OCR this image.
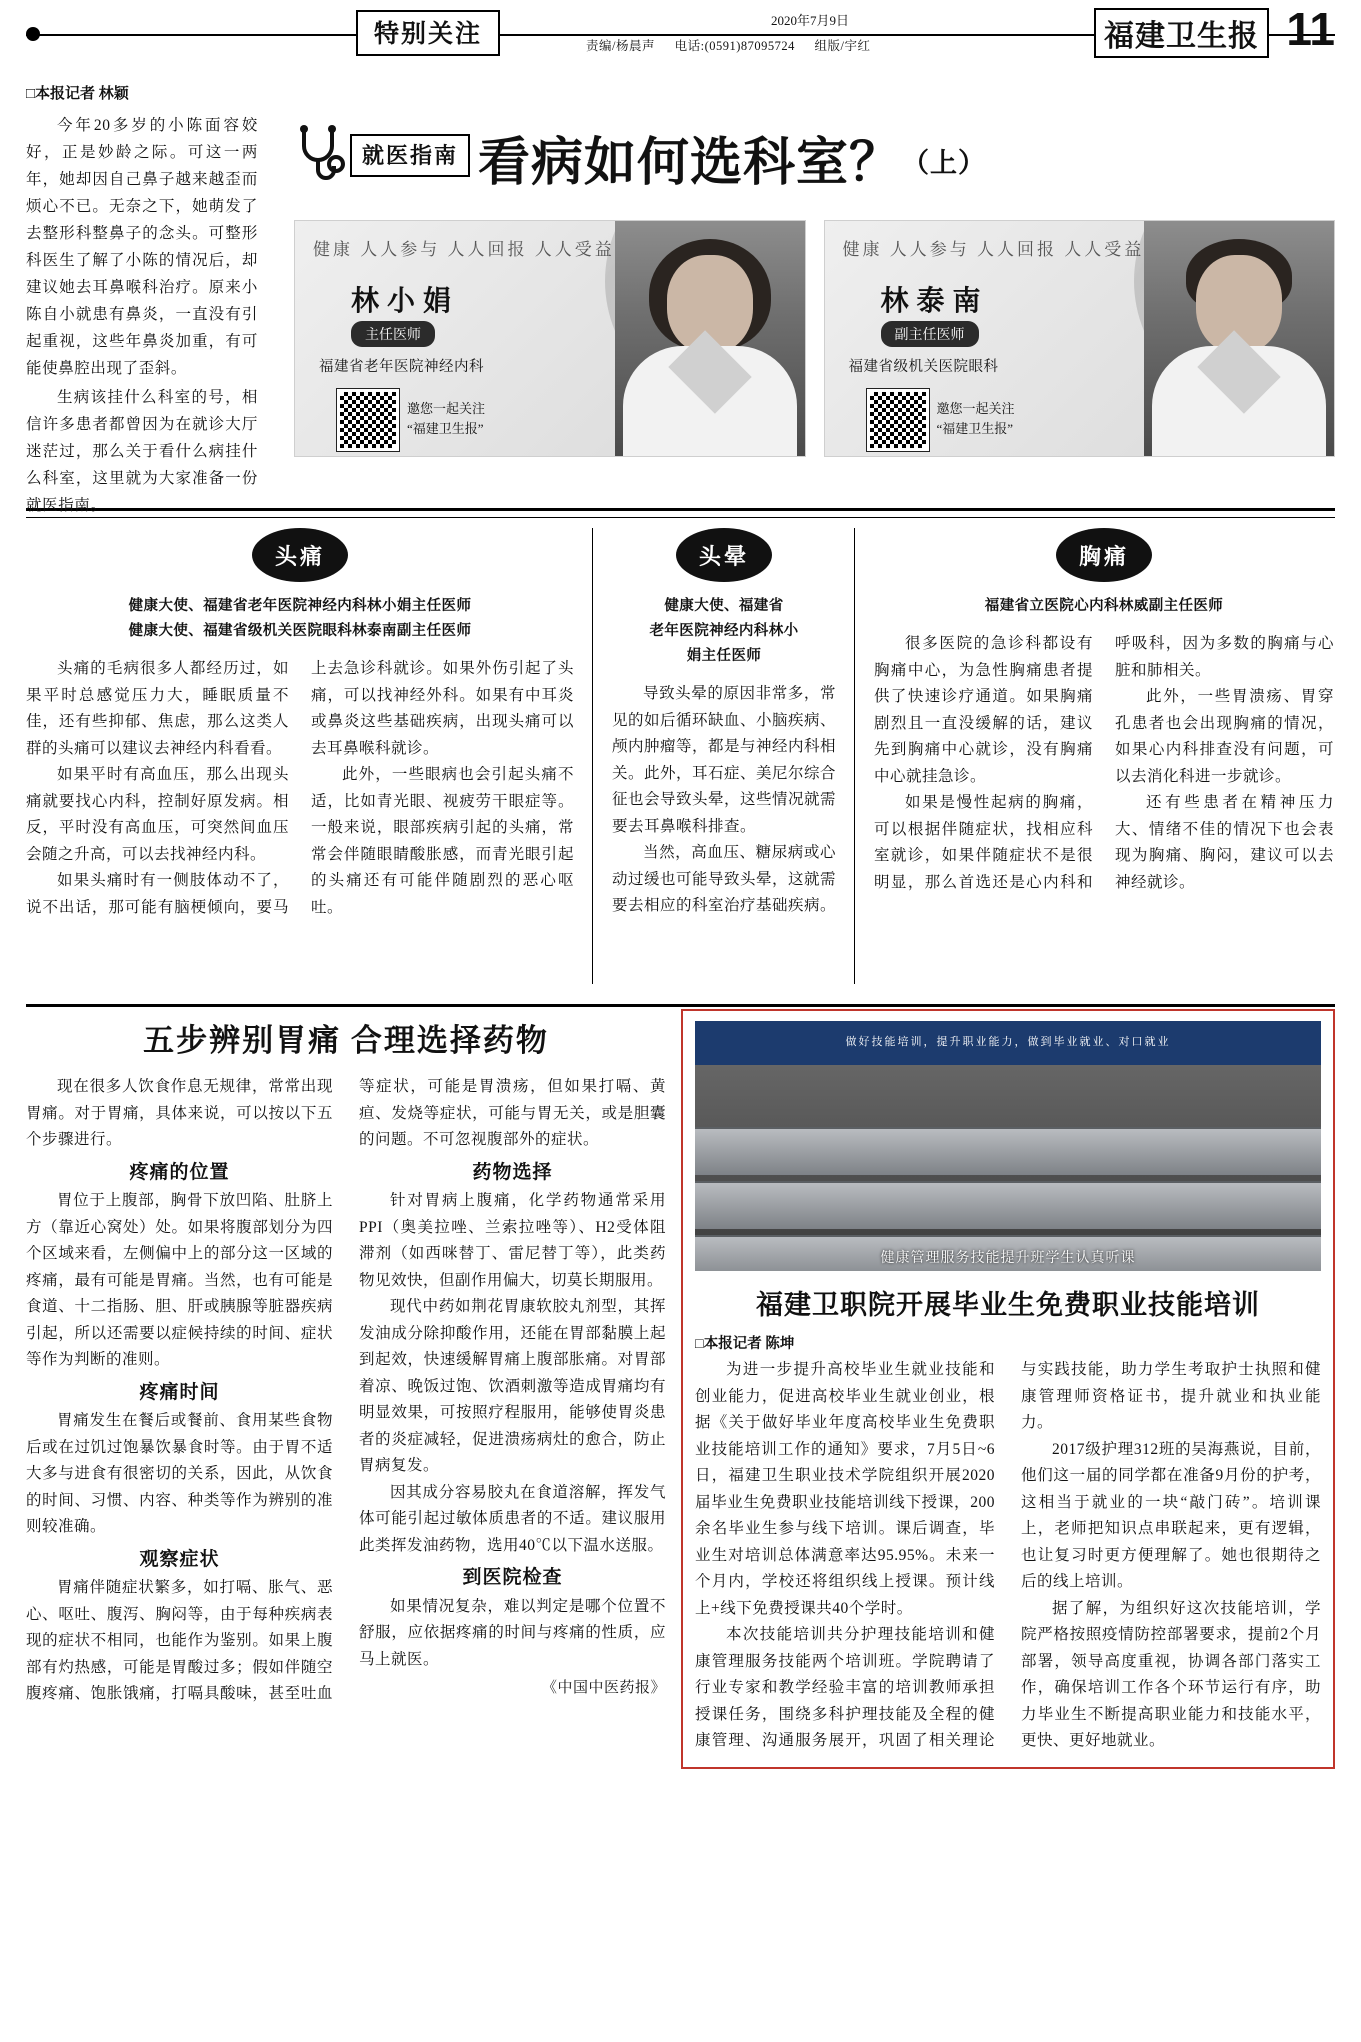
特别关注	责编/杨晨声 电话:(0591)87095724 组版/宇红
2020年7月9日	福建卫生报 11
□本报记者 林颖

今年20多岁的小陈面容姣好，正是妙龄之际。可这一两年，她却因自己鼻子越来越歪而烦心不已。无奈之下，她萌发了去整形科整鼻子的念头。可整形科医生了解了小陈的情况后，却建议她去耳鼻喉科治疗。原来小陈自小就患有鼻炎，一直没有引起重视，这些年鼻炎加重，有可能使鼻腔出现了歪斜。

生病该挂什么科室的号，相信许多患者都曾因为在就诊大厅迷茫过，那么关于看什么病挂什么科室，这里就为大家准备一份就医指南。

就医指南 看病如何选科室？$^{(上)}$
健康 人人参与 人人回报 人人受益
林小娟
主任医师
福建省老年医院神经内科
邀您一起关注
“福建卫生报”
健康 人人参与 人人回报 人人受益
林泰南
副主任医师
福建省级机关医院眼科
邀您一起关注
“福建卫生报”
头痛
健康大使、福建省老年医院神经内科林小娟主任医师
健康大使、福建省级机关医院眼科林泰南副主任医师

头痛的毛病很多人都经历过，如果平时总感觉压力大，睡眠质量不佳，还有些抑郁、焦虑，那么这类人群的头痛可以建议去神经内科看看。

如果平时有高血压，那么出现头痛就要找心内科，控制好原发病。相反，平时没有高血压，可突然间血压会随之升高，可以去找神经内科。

如果头痛时有一侧肢体动不了，说不出话，那可能有脑梗倾向，要马上去急诊科就诊。如果外伤引起了头痛，可以找神经外科。如果有中耳炎或鼻炎这些基础疾病，出现头痛可以去耳鼻喉科就诊。

此外，一些眼病也会引起头痛不适，比如青光眼、视疲劳干眼症等。一般来说，眼部疾病引起的头痛，常常会伴随眼睛酸胀感，而青光眼引起的头痛还有可能伴随剧烈的恶心呕吐。

头晕
健康大使、福建省
老年医院神经内科林小
娟主任医师

导致头晕的原因非常多，常见的如后循环缺血、小脑疾病、颅内肿瘤等，都是与神经内科相关。此外，耳石症、美尼尔综合征也会导致头晕，这些情况就需要去耳鼻喉科排查。

当然，高血压、糖尿病或心动过缓也可能导致头晕，这就需要去相应的科室治疗基础疾病。

胸痛
福建省立医院心内科林威副主任医师

很多医院的急诊科都设有胸痛中心，为急性胸痛患者提供了快速诊疗通道。如果胸痛剧烈且一直没缓解的话，建议先到胸痛中心就诊，没有胸痛中心就挂急诊。

如果是慢性起病的胸痛，可以根据伴随症状，找相应科室就诊，如果伴随症状不是很明显，那么首选还是心内科和呼吸科，因为多数的胸痛与心脏和肺相关。

此外，一些胃溃疡、胃穿孔患者也会出现胸痛的情况，如果心内科排查没有问题，可以去消化科进一步就诊。

还有些患者在精神压力大、情绪不佳的情况下也会表现为胸痛、胸闷，建议可以去神经就诊。

五步辨别胃痛 合理选择药物

现在很多人饮食作息无规律，常常出现胃痛。对于胃痛，具体来说，可以按以下五个步骤进行。

疼痛的位置

胃位于上腹部，胸骨下放凹陷、肚脐上方（靠近心窝处）处。如果将腹部划分为四个区域来看，左侧偏中上的部分这一区域的疼痛，最有可能是胃痛。当然，也有可能是食道、十二指肠、胆、肝或胰腺等脏器疾病引起，所以还需要以症候持续的时间、症状等作为判断的准则。

疼痛时间

胃痛发生在餐后或餐前、食用某些食物后或在过饥过饱暴饮暴食时等。由于胃不适大多与进食有很密切的关系，因此，从饮食的时间、习惯、内容、种类等作为辨别的准则较准确。

观察症状

胃痛伴随症状繁多，如打嗝、胀气、恶心、呕吐、腹泻、胸闷等，由于每种疾病表现的症状不相同，也能作为鉴别。如果上腹部有灼热感，可能是胃酸过多；假如伴随空腹疼痛、饱胀饿痛，打嗝具酸味，甚至吐血等症状，可能是胃溃疡，但如果打嗝、黄疸、发烧等症状，可能与胃无关，或是胆囊的问题。不可忽视腹部外的症状。

药物选择

针对胃病上腹痛，化学药物通常采用PPI（奥美拉唑、兰索拉唑等）、H2受体阻滞剂（如西咪替丁、雷尼替丁等），此类药物见效快，但副作用偏大，切莫长期服用。

现代中药如荆花胃康软胶丸剂型，其挥发油成分除抑酸作用，还能在胃部黏膜上起到起效，快速缓解胃痛上腹部胀痛。对胃部着凉、晚饭过饱、饮酒刺激等造成胃痛均有明显效果，可按照疗程服用，能够使胃炎患者的炎症减轻，促进溃疡病灶的愈合，防止胃病复发。

因其成分容易胶丸在食道溶解，挥发气体可能引起过敏体质患者的不适。建议服用此类挥发油药物，选用40℃以下温水送服。

到医院检查

如果情况复杂，难以判定是哪个位置不舒服，应依据疼痛的时间与疼痛的性质，应马上就医。

《中国中医药报》
做好技能培训，提升职业能力，做到毕业就业、对口就业
健康管理服务技能提升班学生认真听课
福建卫职院开展毕业生免费职业技能培训
□本报记者 陈坤

为进一步提升高校毕业生就业技能和创业能力，促进高校毕业生就业创业，根据《关于做好毕业年度高校毕业生免费职业技能培训工作的通知》要求，7月5日~6日，福建卫生职业技术学院组织开展2020届毕业生免费职业技能培训线下授课，200余名毕业生参与线下培训。课后调查，毕业生对培训总体满意率达95.95%。未来一个月内，学校还将组织线上授课。预计线上+线下免费授课共40个学时。

本次技能培训共分护理技能培训和健康管理服务技能两个培训班。学院聘请了行业专家和教学经验丰富的培训教师承担授课任务，围绕多科护理技能及全程的健康管理、沟通服务展开，巩固了相关理论与实践技能，助力学生考取护士执照和健康管理师资格证书，提升就业和执业能力。

2017级护理312班的吴海燕说，目前，他们这一届的同学都在准备9月份的护考，这相当于就业的一块“敲门砖”。培训课上，老师把知识点串联起来，更有逻辑，也让复习时更方便理解了。她也很期待之后的线上培训。

据了解，为组织好这次技能培训，学院严格按照疫情防控部署要求，提前2个月部署，领导高度重视，协调各部门落实工作，确保培训工作各个环节运行有序，助力毕业生不断提高职业能力和技能水平，更快、更好地就业。
